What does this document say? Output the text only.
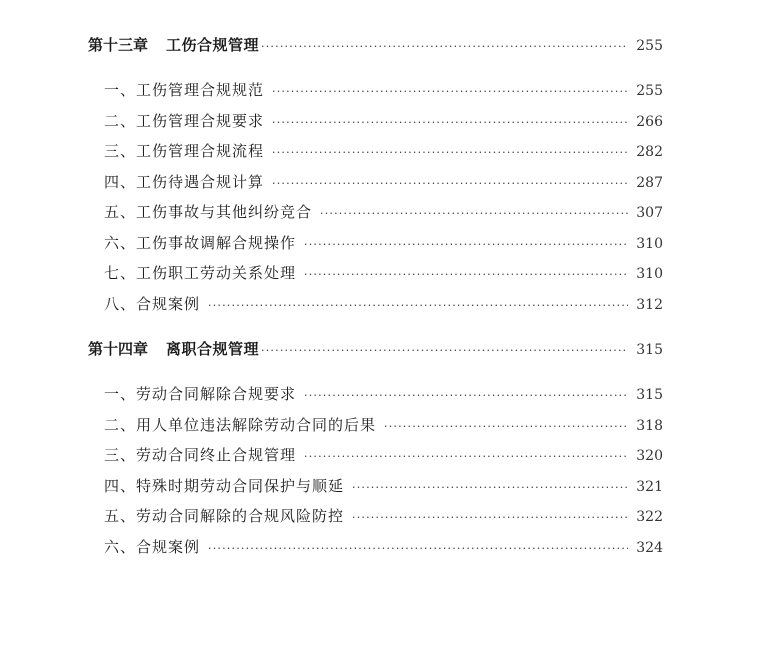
第十三章 工伤合规管理 ·····	255
一、工伤管理合规规范 ·····	255
二、工伤管理合规要求 ·····	266
三、工伤管理合规流程 ·····	282
四、工伤待遇合规计算 ·····	287
五、工伤事故与其他纠纷竞合 ·····	307
六、工伤事故调解合规操作 ·····	310
七、工伤职工劳动关系处理 ·····	310
八、合规案例 ·····	312
第十四章 离职合规管理 ·····	315
一、劳动合同解除合规要求 ·····	315
二、用人单位违法解除劳动合同的后果 ·····	318
三、劳动合同终止合规管理 ·····	320
四、特殊时期劳动合同保护与顺延 ·····	321
五、劳动合同解除的合规风险防控 ·····	322
六、合规案例 ·····	324
